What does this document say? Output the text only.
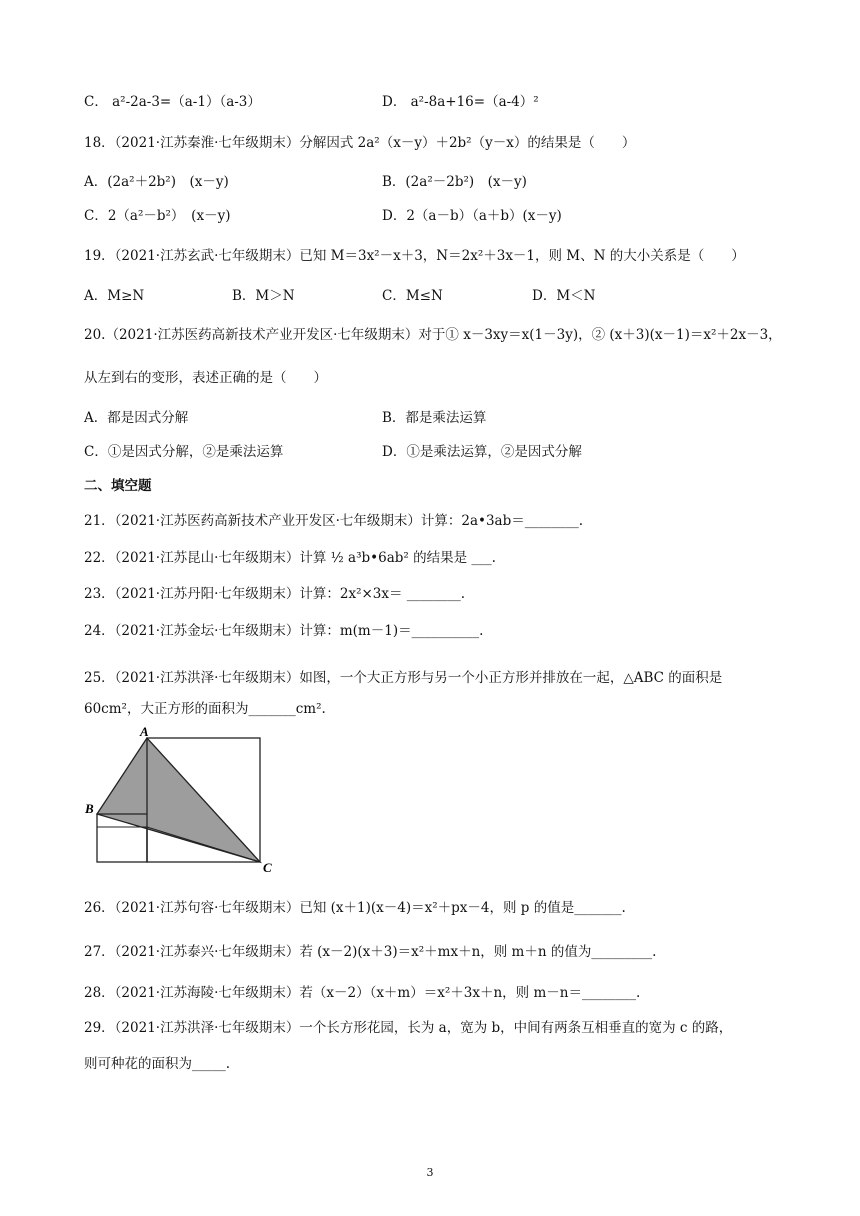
C． a²-2a-3=（a-1）（a-3）	D． a²-8a+16=（a-4）²
18．（2021·江苏秦淮·七年级期末）分解因式 2a²（x－y）＋2b²（y－x）的结果是（　　）
A．(2a²＋2b²)　(x－y)	B．(2a²－2b²)　(x－y)
C．2（a²－b²）　(x－y)	D．2（a－b）（a＋b）(x－y)
19．（2021·江苏玄武·七年级期末）已知 M＝3x²－x＋3，N＝2x²＋3x－1，则 M、N 的大小关系是（　　）
A．M≥N	B．M＞N	C．M≤N	D．M＜N
20.（2021·江苏医药高新技术产业开发区·七年级期末）对于① x－3xy＝x(1－3y)，② (x＋3)(x－1)＝x²＋2x－3，
从左到右的变形，表述正确的是（　　）
A．都是因式分解	B．都是乘法运算
C．①是因式分解，②是乘法运算	D．①是乘法运算，②是因式分解
二、填空题
21．（2021·江苏医药高新技术产业开发区·七年级期末）计算：2a•3ab＝________.
22．（2021·江苏昆山·七年级期末）计算 ½ a³b•6ab² 的结果是 ___.
23．（2021·江苏丹阳·七年级期末）计算：2x²×3x＝ ________.
24．（2021·江苏金坛·七年级期末）计算：m(m－1)＝__________.
25．（2021·江苏洪泽·七年级期末）如图，一个大正方形与另一个小正方形并排放在一起，△ABC 的面积是
60cm²，大正方形的面积为_______cm².
A
B
C
26．（2021·江苏句容·七年级期末）已知 (x＋1)(x－4)＝x²＋px－4，则 p 的值是_______.
27．（2021·江苏泰兴·七年级期末）若 (x－2)(x＋3)＝x²＋mx＋n，则 m＋n 的值为_________.
28．（2021·江苏海陵·七年级期末）若（x－2）（x＋m）＝x²＋3x＋n，则 m－n＝________.
29．（2021·江苏洪泽·七年级期末）一个长方形花园，长为 a，宽为 b，中间有两条互相垂直的宽为 c 的路，
则可种花的面积为_____.
3
